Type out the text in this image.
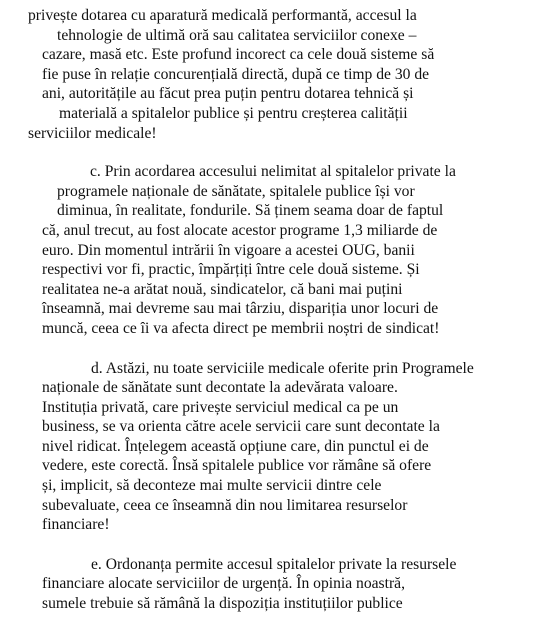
privește dotarea cu aparatură medicală performantă, accesul la
tehnologie de ultimă oră sau calitatea serviciilor conexe –
cazare, masă etc. Este profund incorect ca cele două sisteme să
fie puse în relație concurențială directă, după ce timp de 30 de
ani, autoritățile au făcut prea puțin pentru dotarea tehnică și
materială a spitalelor publice și pentru creșterea calității
serviciilor medicale!
c. Prin acordarea accesului nelimitat al spitalelor private la
programele naționale de sănătate, spitalele publice își vor
diminua, în realitate, fondurile. Să ținem seama doar de faptul
că, anul trecut, au fost alocate acestor programe 1,3 miliarde de
euro. Din momentul intrării în vigoare a acestei OUG, banii
respectivi vor fi, practic, împărțiți între cele două sisteme. Și
realitatea ne-a arătat nouă, sindicatelor, că bani mai puțini
înseamnă, mai devreme sau mai târziu, dispariția unor locuri de
muncă, ceea ce îi va afecta direct pe membrii noștri de sindicat!
d. Astăzi, nu toate serviciile medicale oferite prin Programele
naționale de sănătate sunt decontate la adevărata valoare.
Instituția privată, care privește serviciul medical ca pe un
business, se va orienta către acele servicii care sunt decontate la
nivel ridicat. Înțelegem această opțiune care, din punctul ei de
vedere, este corectă. Însă spitalele publice vor rămâne să ofere
și, implicit, să deconteze mai multe servicii dintre cele
subevaluate, ceea ce înseamnă din nou limitarea resurselor
financiare!
e. Ordonanța permite accesul spitalelor private la resursele
financiare alocate serviciilor de urgență. În opinia noastră,
sumele trebuie să rămână la dispoziția instituțiilor publice
